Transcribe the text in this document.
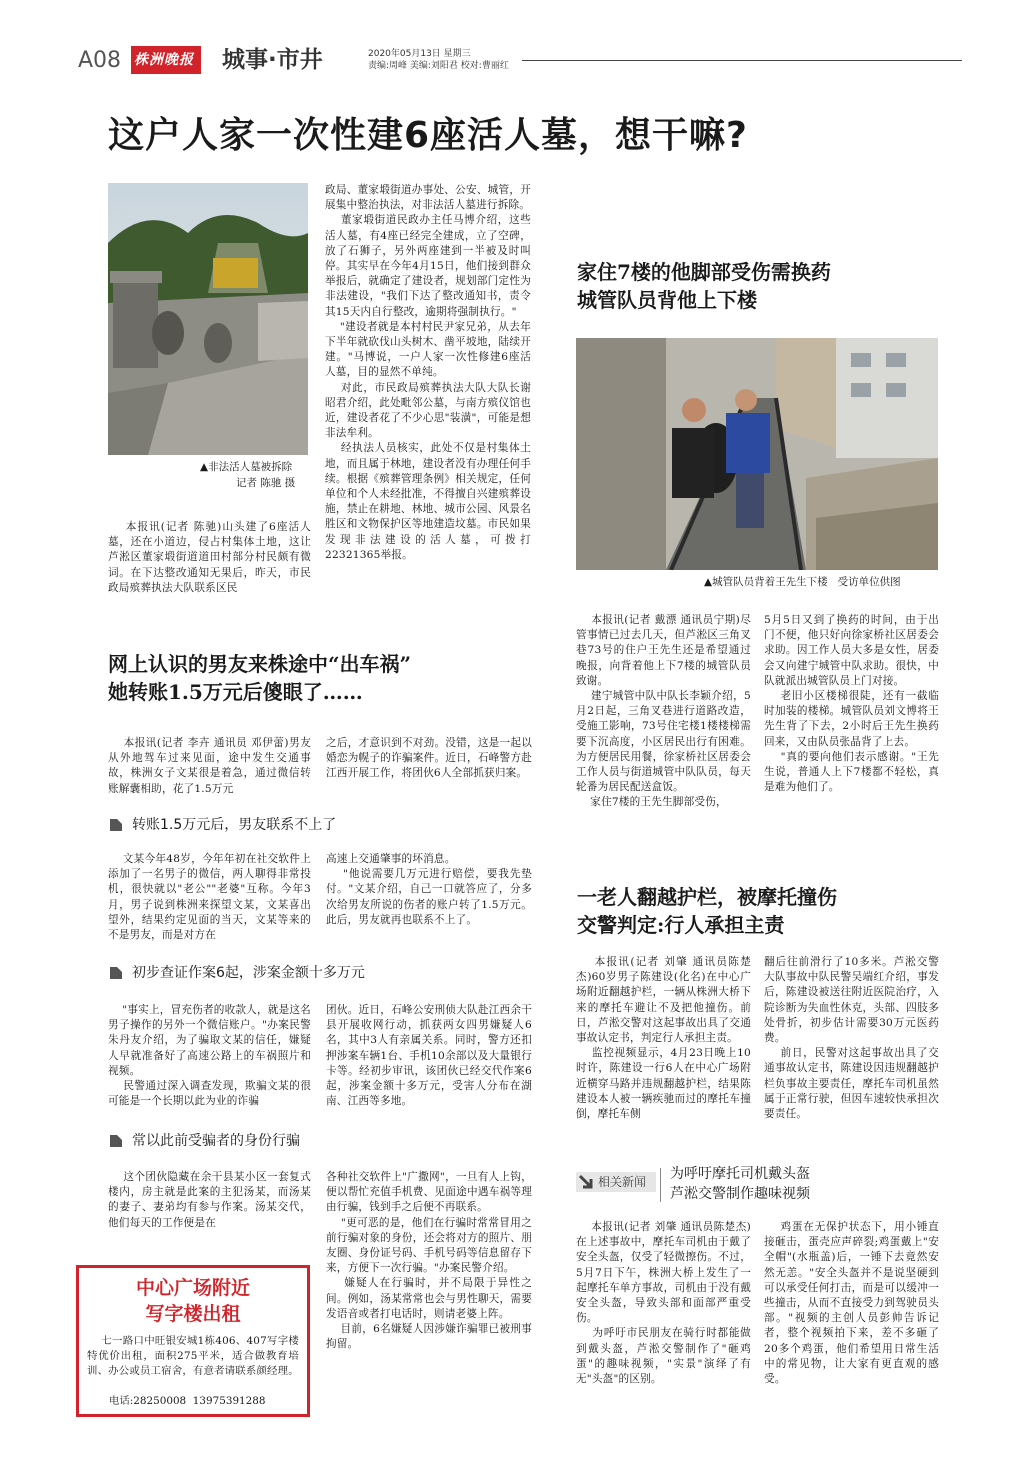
A08 株洲晚报 城事·市井	2020年05月13日 星期三
责编:周峰 美编:刘阳君 校对:曹丽红
这户人家一次性建6座活人墓，想干嘛?
▲非法活人墓被拆除
记者 陈驰 摄
本报讯(记者 陈驰)山头建了6座活人墓，还在小道边，侵占村集体土地，这让芦淞区董家塅街道道田村部分村民颇有微词。在下达整改通知无果后，昨天，市民政局殡葬执法大队联系区民
政局、董家塅街道办事处、公安、城管，开展集中整治执法，对非法活人墓进行拆除。
董家塅街道民政办主任马博介绍，这些活人墓，有4座已经完全建成，立了空碑，放了石狮子，另外两座建到一半被及时叫停。其实早在今年4月15日，他们接到群众举报后，就确定了建设者，规划部门定性为非法建设，"我们下达了整改通知书，责令其15天内自行整改，逾期将强制执行。"
"建设者就是本村村民尹家兄弟，从去年下半年就砍伐山头树木、凿平坡地，陆续开建。"马博说，一户人家一次性修建6座活人墓，目的显然不单纯。
对此，市民政局殡葬执法大队大队长谢昭君介绍，此处毗邻公墓，与南方殡仪馆也近，建设者花了不少心思"装潢"，可能是想非法牟利。
经执法人员核实，此处不仅是村集体土地，而且属于林地，建设者没有办理任何手续。根据《殡葬管理条例》相关规定，任何单位和个人未经批准，不得擅自兴建殡葬设施，禁止在耕地、林地、城市公园、风景名胜区和文物保护区等地建造坟墓。市民如果发现非法建设的活人墓，可拨打22321365举报。
家住7楼的他脚部受伤需换药
城管队员背他上下楼
▲城管队员背着王先生下楼   受访单位供图
本报讯(记者 戴漂 通讯员宁期)尽管事情已过去几天，但芦淞区三角叉巷73号的住户王先生还是希望通过晚报，向背着他上下7楼的城管队员致谢。
建宁城管中队中队长李颖介绍，5月2日起，三角叉巷进行道路改造，受施工影响，73号住宅楼1楼楼梯需要下沉高度，小区居民出行有困难。为方便居民用餐，徐家桥社区居委会工作人员与街道城管中队队员，每天轮番为居民配送盒饭。
家住7楼的王先生脚部受伤，
5月5日又到了换药的时间，由于出门不便，他只好向徐家桥社区居委会求助。因工作人员大多是女性，居委会又向建宁城管中队求助。很快，中队就派出城管队员上门对接。
老旧小区楼梯很陡，还有一截临时加装的楼梯。城管队员刘文博将王先生背了下去，2小时后王先生换药回来，又由队员张晶背了上去。
"真的要向他们表示感谢。"王先生说，普通人上下7楼都不轻松，真是难为他们了。
网上认识的男友来株途中“出车祸”
她转账1.5万元后傻眼了……
本报讯(记者 李卉 通讯员 邓伊蕾)男友从外地驾车过来见面，途中发生交通事故，株洲女子文某很是着急，通过微信转账解囊相助，花了1.5万元
之后，才意识到不对劲。没错，这是一起以婚恋为幌子的诈骗案件。近日，石峰警方赴江西开展工作，将团伙6人全部抓获归案。
转账1.5万元后，男友联系不上了
文某今年48岁，今年年初在社交软件上添加了一名男子的微信，两人聊得非常投机，很快就以"老公""老婆"互称。今年3月，男子说到株洲来探望文某，文某喜出望外，结果约定见面的当天，文某等来的不是男友，而是对方在
高速上交通肇事的坏消息。
"他说需要几万元进行赔偿，要我先垫付。"文某介绍，自己一口就答应了，分多次给男友所说的伤者的账户转了1.5万元。此后，男友就再也联系不上了。
初步查证作案6起，涉案金额十多万元
"事实上，冒充伤者的收款人，就是这名男子操作的另外一个微信账户。"办案民警朱丹友介绍，为了骗取文某的信任，嫌疑人早就准备好了高速公路上的车祸照片和视频。
民警通过深入调查发现，欺骗文某的很可能是一个长期以此为业的诈骗
团伙。近日，石峰公安刑侦大队赴江西余干县开展收网行动，抓获两女四男嫌疑人6名，其中3人有亲属关系。同时，警方还扣押涉案车辆1台、手机10余部以及大量银行卡等。经初步审讯，该团伙已经交代作案6起，涉案金额十多万元，受害人分布在湖南、江西等多地。
常以此前受骗者的身份行骗
这个团伙隐藏在余干县某小区一套复式楼内，房主就是此案的主犯汤某，而汤某的妻子、妻弟均有参与作案。汤某交代，他们每天的工作便是在
各种社交软件上"广撒网"，一旦有人上钩，便以帮忙充值手机费、见面途中遇车祸等理由行骗，钱到手之后便不再联系。
"更可恶的是，他们在行骗时常常冒用之前行骗对象的身份，还会将对方的照片、朋友圈、身份证号码、手机号码等信息留存下来，方便下一次行骗。"办案民警介绍。
嫌疑人在行骗时，并不局限于异性之间。例如，汤某常常也会与男性聊天，需要发语音或者打电话时，则请老婆上阵。
目前，6名嫌疑人因涉嫌诈骗罪已被刑事拘留。
中心广场附近
写字楼出租
七一路口中旺银安城1栋406、407写字楼特优价出租，面积275平米，适合做教育培训、办公或员工宿舍，有意者请联系颜经理。
电话:28250008  13975391288
一老人翻越护栏，被摩托撞伤
交警判定:行人承担主责
本报讯(记者 刘肇 通讯员陈楚杰)60岁男子陈建设(化名)在中心广场附近翻越护栏，一辆从株洲大桥下来的摩托车避让不及把他撞伤。前日，芦淞交警对这起事故出具了交通事故认定书，判定行人承担主责。
监控视频显示，4月23日晚上10时许，陈建设一行6人在中心广场附近横穿马路并违规翻越护栏，结果陈建设本人被一辆疾驰而过的摩托车撞倒，摩托车侧
翻后往前滑行了10多米。芦淞交警大队事故中队民警吴端红介绍，事发后，陈建设被送往附近医院治疗，入院诊断为失血性休克，头部、四肢多处骨折，初步估计需要30万元医药费。
前日，民警对这起事故出具了交通事故认定书，陈建设因违规翻越护栏负事故主要责任，摩托车司机虽然属于正常行驶，但因车速较快承担次要责任。
相关新闻 为呼吁摩托司机戴头盔
芦淞交警制作趣味视频
本报讯(记者 刘肇 通讯员陈楚杰)在上述事故中，摩托车司机由于戴了安全头盔，仅受了轻微擦伤。不过，5月7日下午，株洲大桥上发生了一起摩托车单方事故，司机由于没有戴安全头盔，导致头部和面部严重受伤。
为呼吁市民朋友在骑行时都能做到戴头盔，芦淞交警制作了"砸鸡蛋"的趣味视频，"实景"演绎了有无"头盔"的区别。
鸡蛋在无保护状态下，用小锤直接砸击，蛋壳应声碎裂;鸡蛋戴上"安全帽"(水瓶盖)后，一锤下去竟然安然无恙。"安全头盔并不是说坚硬到可以承受任何打击，而是可以缓冲一些撞击，从而不直接受力到驾驶员头部。"视频的主创人员彭帅告诉记者，整个视频拍下来，差不多砸了20多个鸡蛋，他们希望用日常生活中的常见物，让大家有更直观的感受。
